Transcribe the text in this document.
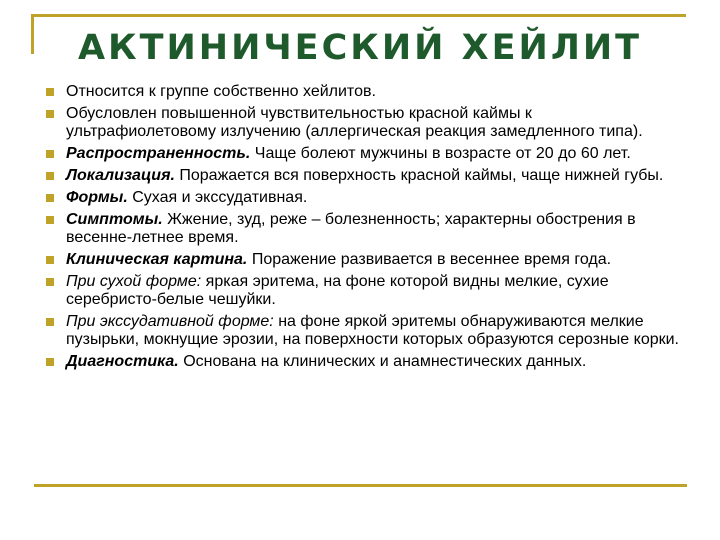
АКТИНИЧЕСКИЙ ХЕЙЛИТ
Относится к группе собственно хейлитов.
Обусловлен повышенной чувствительностью красной каймы к ультрафиолетовому излучению (аллергическая реакция замедленного типа).
Распространенность. Чаще болеют мужчины в возрасте от 20 до 60 лет.
Локализация. Поражается вся поверхность красной каймы, чаще нижней губы.
Формы. Сухая и экссудативная.
Симптомы. Жжение, зуд, реже – болезненность; характерны обострения в весенне-летнее время.
Клиническая картина. Поражение развивается в весеннее время года.
При сухой форме: яркая эритема, на фоне которой видны мелкие, сухие серебристо-белые чешуйки.
При экссудативной форме: на фоне яркой эритемы обнаруживаются мелкие пузырьки, мокнущие эрозии, на поверхности которых образуются серозные корки.
Диагностика. Основана на клинических и анамнестических данных.
